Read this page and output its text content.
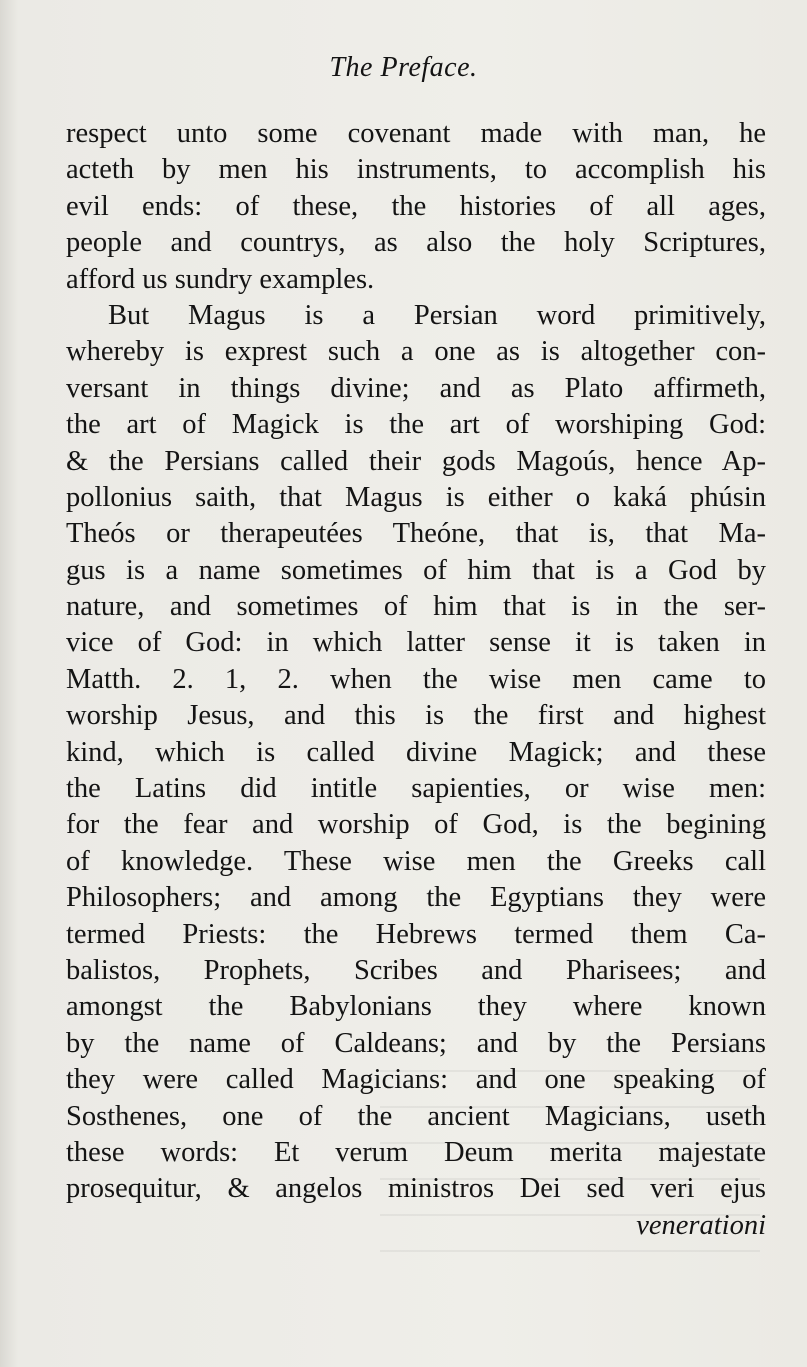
The Preface.
respect unto some covenant made with man, he
acteth by men his instruments, to accomplish his
evil ends: of these, the histories of all ages,
people and countrys, as also the holy Scriptures,
afford us sundry examples.
But Magus is a Persian word primitively,
whereby is exprest such a one as is altogether con-
versant in things divine; and as Plato affirmeth,
the art of Magick is the art of worshiping God:
& the Persians called their gods Magoús, hence Ap-
pollonius saith, that Magus is either o kaká phúsin
Theós or therapeutées Theóne, that is, that Ma-
gus is a name sometimes of him that is a God by
nature, and sometimes of him that is in the ser-
vice of God: in which latter sense it is taken in
Matth. 2. 1, 2. when the wise men came to
worship Jesus, and this is the first and highest
kind, which is called divine Magick; and these
the Latins did intitle sapienties, or wise men:
for the fear and worship of God, is the begining
of knowledge. These wise men the Greeks call
Philosophers; and among the Egyptians they were
termed Priests: the Hebrews termed them Ca-
balistos, Prophets, Scribes and Pharisees; and
amongst the Babylonians they where known
by the name of Caldeans; and by the Persians
they were called Magicians: and one speaking of
Sosthenes, one of the ancient Magicians, useth
these words: Et verum Deum merita majestate
prosequitur, & angelos ministros Dei sed veri ejus
venerationi
